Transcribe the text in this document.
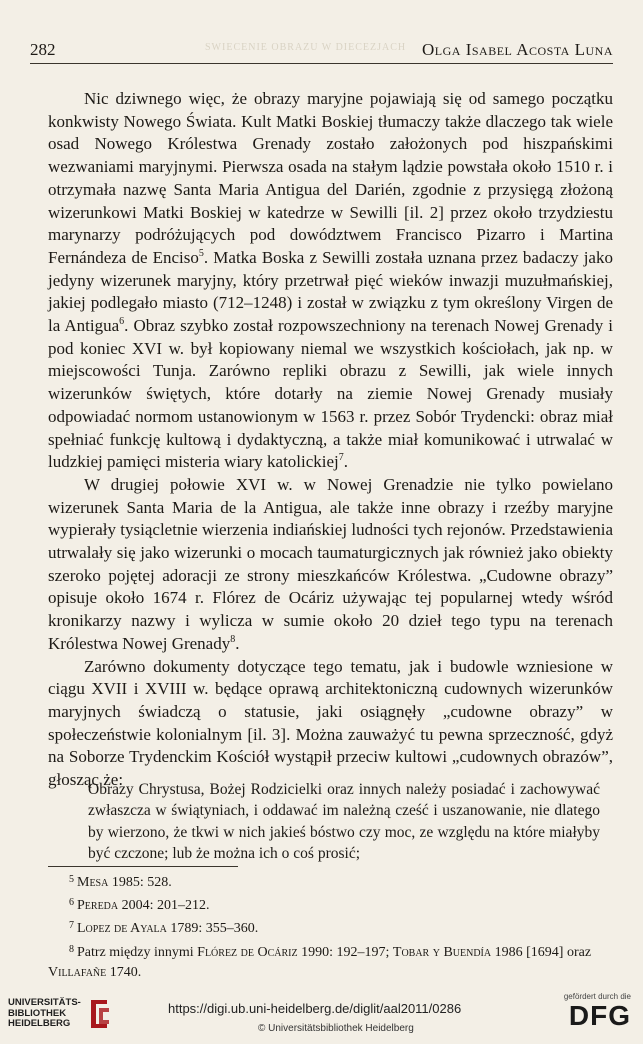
282	SWIECENIE OBRAZU W DIECEZJACH Olga Isabel Acosta Luna

Nic dziwnego więc, że obrazy maryjne pojawiają się od samego początku konkwisty Nowego Świata. Kult Matki Boskiej tłumaczy także dlaczego tak wiele osad Nowego Królestwa Grenady zostało założonych pod hiszpańskimi wezwaniami maryjnymi. Pierwsza osada na stałym lądzie powstała około 1510 r. i otrzymała nazwę Santa Maria Antigua del Darién, zgodnie z przysięgą złożoną wizerunkowi Matki Boskiej w katedrze w Sewilli [il. 2] przez około trzydziestu marynarzy podróżujących pod dowództwem Francisco Pizarro i Martina Fernándeza de Enciso$^5$. Matka Boska z Sewilli została uznana przez badaczy jako jedyny wizerunek maryjny, który przetrwał pięć wieków inwazji muzułmańskiej, jakiej podlegało miasto (712–1248) i został w związku z tym określony Virgen de la Antigua$^6$. Obraz szybko został rozpowszechniony na terenach Nowej Grenady i pod koniec XVI w. był kopiowany niemal we wszystkich kościołach, jak np. w miejscowości Tunja. Zarówno repliki obrazu z Sewilli, jak wiele innych wizerunków świętych, które dotarły na ziemie Nowej Grenady musiały odpowiadać normom ustanowionym w 1563 r. przez Sobór Trydencki: obraz miał spełniać funkcję kultową i dydaktyczną, a także miał komunikować i utrwalać w ludzkiej pamięci misteria wiary katolickiej$^7$.

W drugiej połowie XVI w. w Nowej Grenadzie nie tylko powielano wizerunek Santa Maria de la Antigua, ale także inne obrazy i rzeźby maryjne wypierały tysiącletnie wierzenia indiańskiej ludności tych rejonów. Przedstawienia utrwalały się jako wizerunki o mocach taumaturgicznych jak również jako obiekty szeroko pojętej adoracji ze strony mieszkańców Królestwa. „Cudowne obrazy” opisuje około 1674 r. Flórez de Ocáriz używając tej popularnej wtedy wśród kronikarzy nazwy i wylicza w sumie około 20 dzieł tego typu na terenach Królestwa Nowej Grenady$^8$.

Zarówno dokumenty dotyczące tego tematu, jak i budowle wzniesione w ciągu XVII i XVIII w. będące oprawą architektoniczną cudownych wizerunków maryjnych świadczą o statusie, jaki osiągnęły „cudowne obrazy” w społeczeństwie kolonialnym [il. 3]. Można zauważyć tu pewna sprzeczność, gdyż na Soborze Trydenckim Kościół wystąpił przeciw kultowi „cudownych obrazów”, głosząc że:

Obrazy Chrystusa, Bożej Rodzicielki oraz innych należy posiadać i zachowywać zwłaszcza w świątyniach, i oddawać im należną cześć i uszanowanie, nie dlatego by wierzono, że tkwi w nich jakieś bóstwo czy moc, ze względu na które miałyby być czczone; lub że można ich o coś prosić;

5 Mesa 1985: 528.

6 Pereda 2004: 201–212.

7 Lopez de Ayala 1789: 355–360.

8 Patrz między innymi Flórez de Ocáriz 1990: 192–197; Tobar y Buendía 1986 [1694] oraz Villafañe 1740.

UNIVERSITÄTS-
BIBLIOTHEK
HEIDELBERG
https://digi.ub.uni-heidelberg.de/diglit/aal2011/0286
© Universitätsbibliothek Heidelberg
gefördert durch die
DFG
